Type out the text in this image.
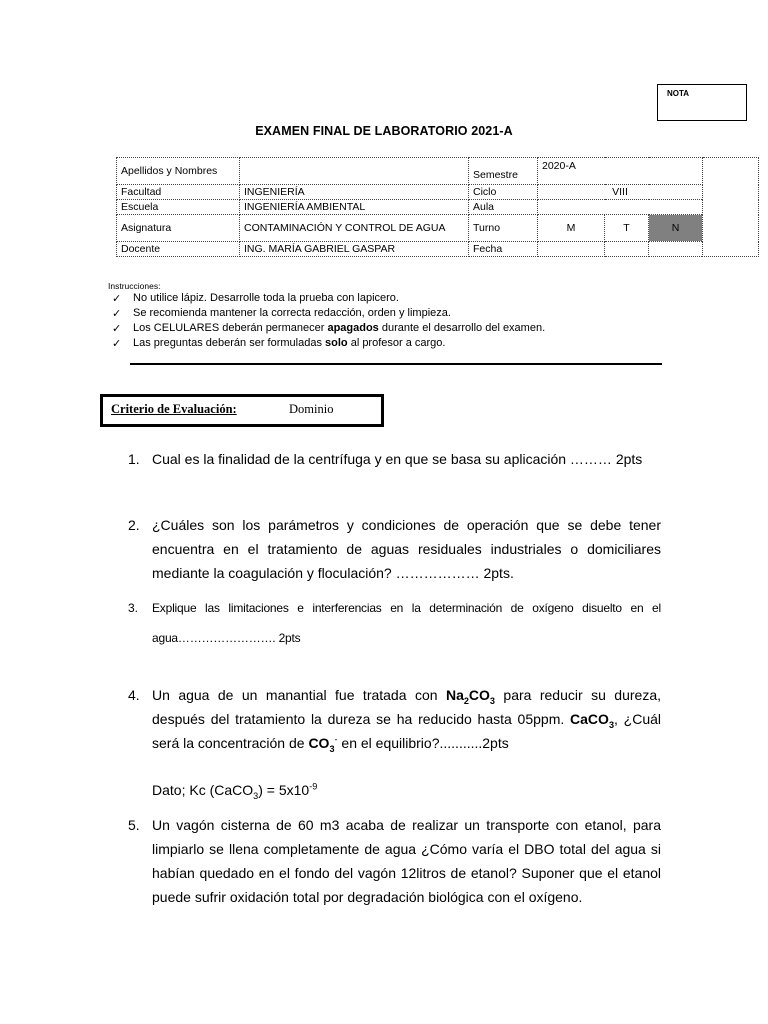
NOTA
EXAMEN FINAL DE LABORATORIO 2021-A
Apellidos y Nombres		Semestre	2020-A			
Facultad	INGENIERÍA	Ciclo	VIII			
Escuela	INGENIERÍA AMBIENTAL	Aula				
Asignatura	CONTAMINACIÓN Y CONTROL DE AGUA	Turno	M	T	N	
Docente	ING. MARÍA GABRIEL GASPAR	Fecha				
Instrucciones:
✓ No utilice lápiz. Desarrolle toda la prueba con lapicero.
✓ Se recomienda mantener la correcta redacción, orden y limpieza.
✓ Los CELULARES deberán permanecer apagados durante el desarrollo del examen.
✓ Las preguntas deberán ser formuladas solo al profesor a cargo.
Criterio de Evaluación:	Dominio
1. Cual es la finalidad de la centrífuga y en que se basa su aplicación ……… 2pts
2. ¿Cuáles son los parámetros y condiciones de operación que se debe tener encuentra en el tratamiento de aguas residuales industriales o domiciliares mediante la coagulación y floculación? ……………… 2pts.
3. Explique las limitaciones e interferencias en la determinación de oxígeno disuelto en el agua……………………. 2pts
4. Un agua de un manantial fue tratada con $Na_2CO_3$ para reducir su dureza, después del tratamiento la dureza se ha reducido hasta 05ppm. CaCO$_3$, ¿Cuál será la concentración de $CO_3^-$ en el equilibrio?...........2pts
Dato; Kc (CaCO$_3$) = $5x10^{-9}$
5. Un vagón cisterna de 60 m3 acaba de realizar un transporte con etanol, para limpiarlo se llena completamente de agua ¿Cómo varía el DBO total del agua si habían quedado en el fondo del vagón 12litros de etanol? Suponer que el etanol puede sufrir oxidación total por degradación biológica con el oxígeno.
